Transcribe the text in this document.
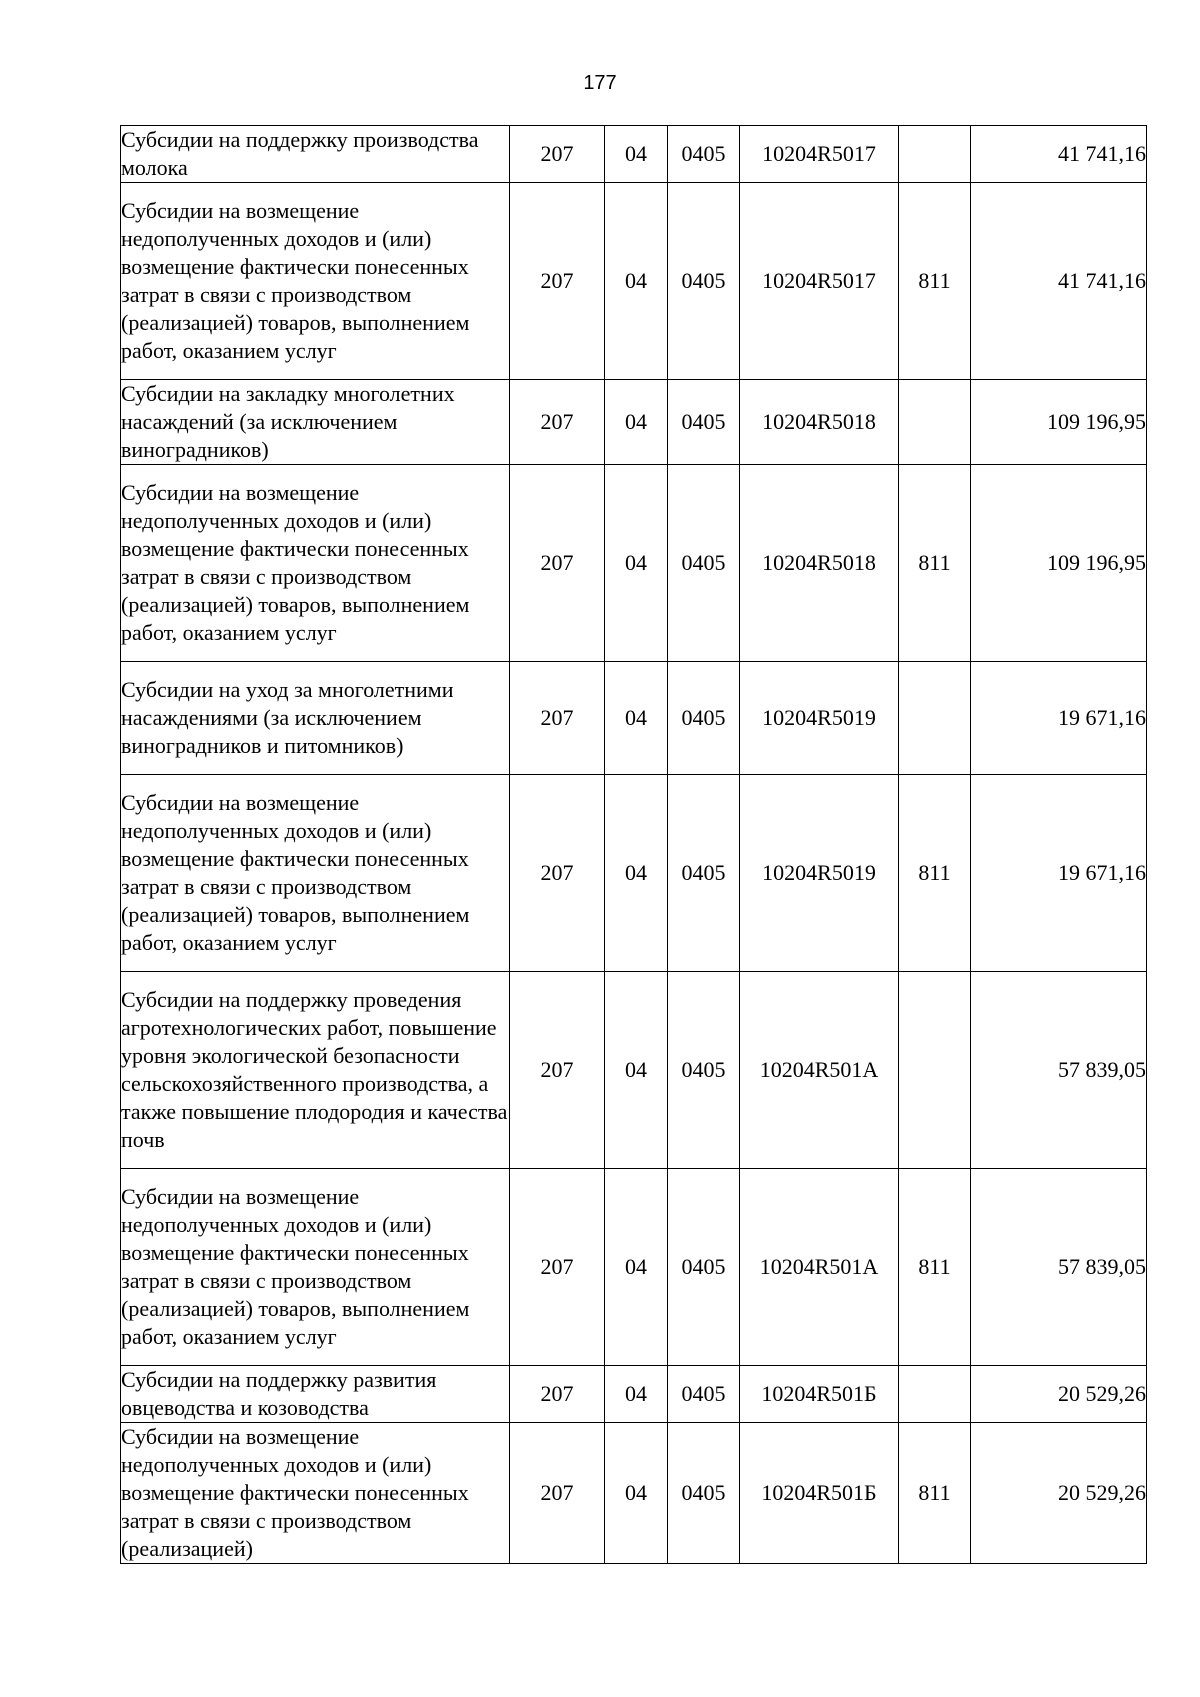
177
Субсидии на поддержку производства молока	207	04	0405	10204R5017		41 741,16
Субсидии на возмещение недополученных доходов и (или) возмещение фактически понесенных затрат в связи с производством (реализацией) товаров, выполнением работ, оказанием услуг	207	04	0405	10204R5017	811	41 741,16
Субсидии на закладку многолетних насаждений (за исключением виноградников)	207	04	0405	10204R5018		109 196,95
Субсидии на возмещение недополученных доходов и (или) возмещение фактически понесенных затрат в связи с производством (реализацией) товаров, выполнением работ, оказанием услуг	207	04	0405	10204R5018	811	109 196,95
Субсидии на уход за многолетними насаждениями (за исключением виноградников и питомников)	207	04	0405	10204R5019		19 671,16
Субсидии на возмещение недополученных доходов и (или) возмещение фактически понесенных затрат в связи с производством (реализацией) товаров, выполнением работ, оказанием услуг	207	04	0405	10204R5019	811	19 671,16
Субсидии на поддержку проведения агротехнологических работ, повышение уровня экологической безопасности сельскохозяйственного производства, а также повышение плодородия и качества почв	207	04	0405	10204R501А		57 839,05
Субсидии на возмещение недополученных доходов и (или) возмещение фактически понесенных затрат в связи с производством (реализацией) товаров, выполнением работ, оказанием услуг	207	04	0405	10204R501А	811	57 839,05
Субсидии на поддержку развития овцеводства и козоводства	207	04	0405	10204R501Б		20 529,26
Субсидии на возмещение недополученных доходов и (или) возмещение фактически понесенных затрат в связи с производством (реализацией)	207	04	0405	10204R501Б	811	20 529,26
